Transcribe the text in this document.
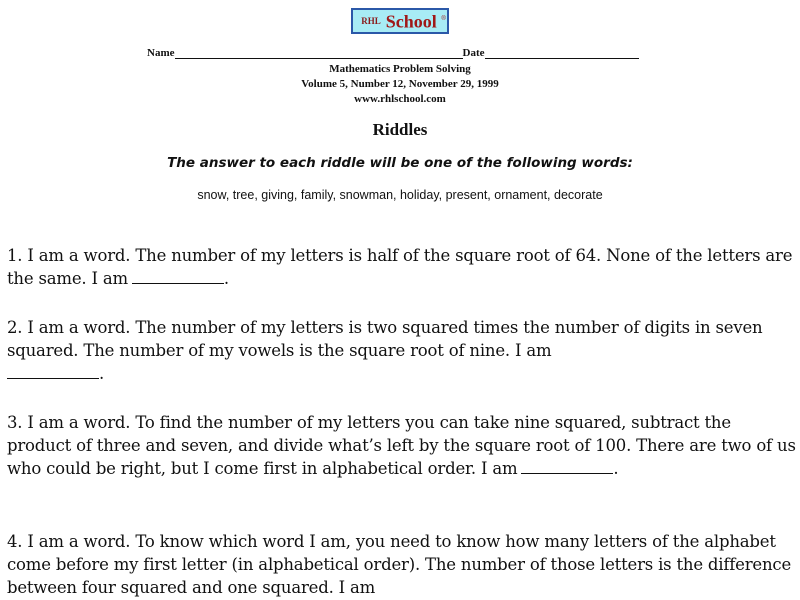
RHL School ®
Name	Date
Mathematics Problem Solving
Volume 5, Number 12, November 29, 1999
www.rhlschool.com
Riddles
The answer to each riddle will be one of the following words:
snow, tree, giving, family, snowman, holiday, present, ornament, decorate
1. I am a word. The number of my letters is half of the square root of 64. None of the letters are the same. I am	.
2. I am a word. The number of my letters is two squared times the number of digits in seven squared. The number of my vowels is the square root of nine. I am
.
3. I am a word. To find the number of my letters you can take nine squared, subtract the product of three and seven, and divide what’s left by the square root of 100. There are two of us who could be right, but I come first in alphabetical order. I am	.
4. I am a word. To know which word I am, you need to know how many letters of the alphabet come before my first letter (in alphabetical order). The number of those letters is the difference between four squared and one squared. I am
